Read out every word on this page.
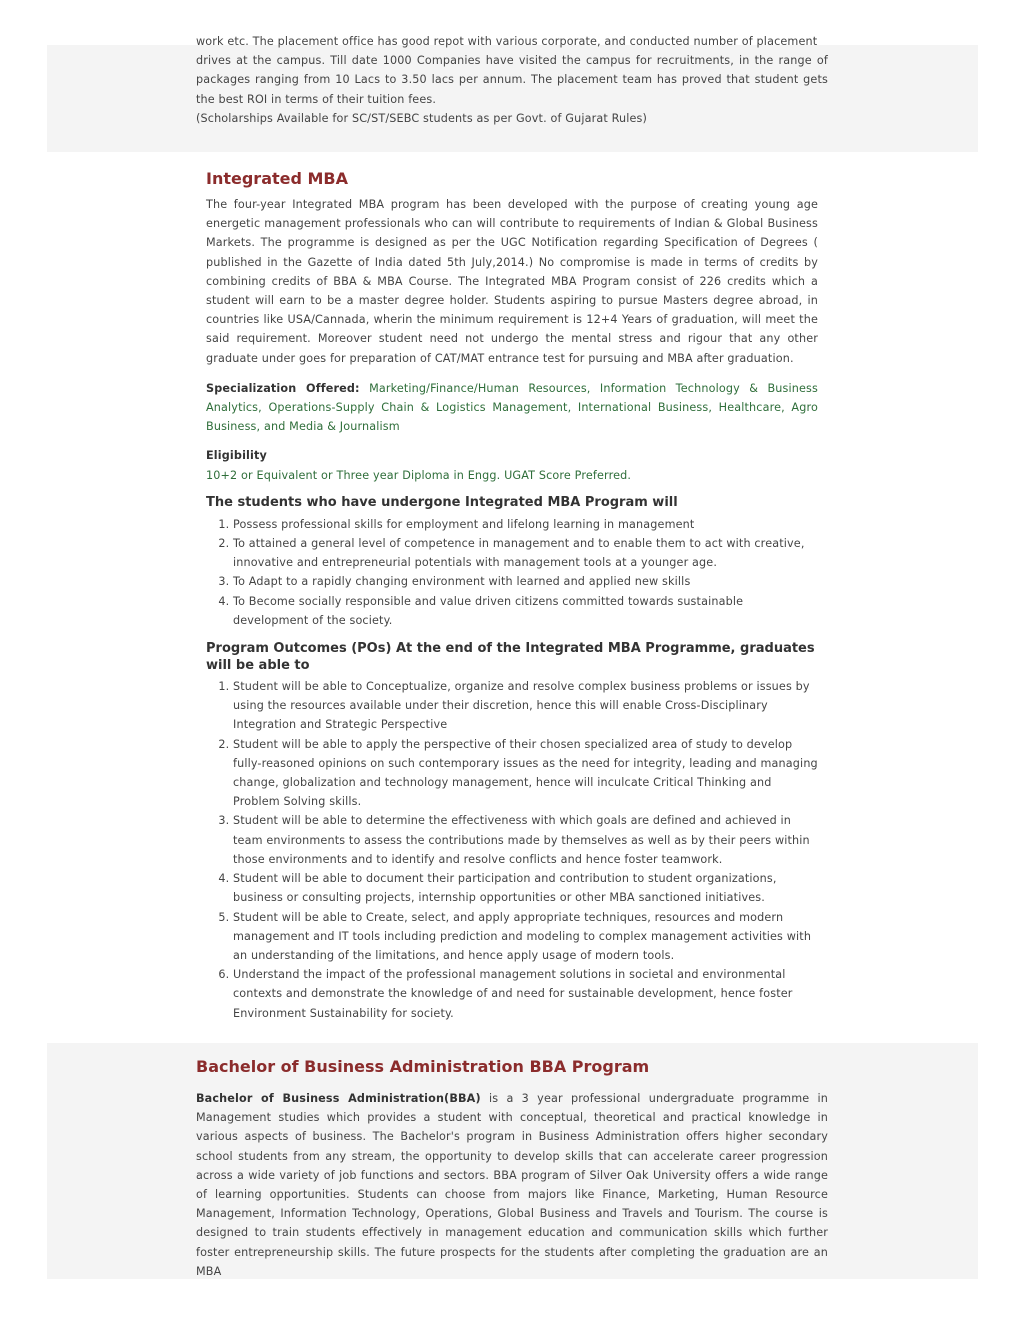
work etc. The placement office has good repot with various corporate, and conducted number of placement

drives at the campus. Till date 1000 Companies have visited the campus for recruitments, in the range of packages ranging from 10 Lacs to 3.50 lacs per annum. The placement team has proved that student gets the best ROI in terms of their tuition fees.

(Scholarships Available for SC/ST/SEBC students as per Govt. of Gujarat Rules)

Integrated MBA

The four-year Integrated MBA program has been developed with the purpose of creating young age energetic management professionals who can will contribute to requirements of Indian & Global Business Markets. The programme is designed as per the UGC Notification regarding Specification of Degrees ( published in the Gazette of India dated 5th July,2014.) No compromise is made in terms of credits by combining credits of BBA & MBA Course. The Integrated MBA Program consist of 226 credits which a student will earn to be a master degree holder. Students aspiring to pursue Masters degree abroad, in countries like USA/Cannada, wherin the minimum requirement is 12+4 Years of graduation, will meet the said requirement. Moreover student need not undergo the mental stress and rigour that any other graduate under goes for preparation of CAT/MAT entrance test for pursuing and MBA after graduation.

Specialization Offered: Marketing/Finance/Human Resources, Information Technology & Business Analytics, Operations-Supply Chain & Logistics Management, International Business, Healthcare, Agro Business, and Media & Journalism

Eligibility

10+2 or Equivalent or Three year Diploma in Engg. UGAT Score Preferred.

The students who have undergone Integrated MBA Program will

1. Possess professional skills for employment and lifelong learning in management
2. To attained a general level of competence in management and to enable them to act with creative, innovative and entrepreneurial potentials with management tools at a younger age.
3. To Adapt to a rapidly changing environment with learned and applied new skills
4. To Become socially responsible and value driven citizens committed towards sustainable development of the society.

Program Outcomes (POs) At the end of the Integrated MBA Programme, graduates will be able to

1. Student will be able to Conceptualize, organize and resolve complex business problems or issues by using the resources available under their discretion, hence this will enable Cross-Disciplinary Integration and Strategic Perspective
2. Student will be able to apply the perspective of their chosen specialized area of study to develop fully-reasoned opinions on such contemporary issues as the need for integrity, leading and managing change, globalization and technology management, hence will inculcate Critical Thinking and Problem Solving skills.
3. Student will be able to determine the effectiveness with which goals are defined and achieved in team environments to assess the contributions made by themselves as well as by their peers within those environments and to identify and resolve conflicts and hence foster teamwork.
4. Student will be able to document their participation and contribution to student organizations, business or consulting projects, internship opportunities or other MBA sanctioned initiatives.
5. Student will be able to Create, select, and apply appropriate techniques, resources and modern management and IT tools including prediction and modeling to complex management activities with an understanding of the limitations, and hence apply usage of modern tools.
6. Understand the impact of the professional management solutions in societal and environmental contexts and demonstrate the knowledge of and need for sustainable development, hence foster Environment Sustainability for society.
Bachelor of Business Administration BBA Program

Bachelor of Business Administration(BBA) is a 3 year professional undergraduate programme in Management studies which provides a student with conceptual, theoretical and practical knowledge in various aspects of business. The Bachelor's program in Business Administration offers higher secondary school students from any stream, the opportunity to develop skills that can accelerate career progression across a wide variety of job functions and sectors. BBA program of Silver Oak University offers a wide range of learning opportunities. Students can choose from majors like Finance, Marketing, Human Resource Management, Information Technology, Operations, Global Business and Travels and Tourism. The course is designed to train students effectively in management education and communication skills which further foster entrepreneurship skills. The future prospects for the students after completing the graduation are an MBA
